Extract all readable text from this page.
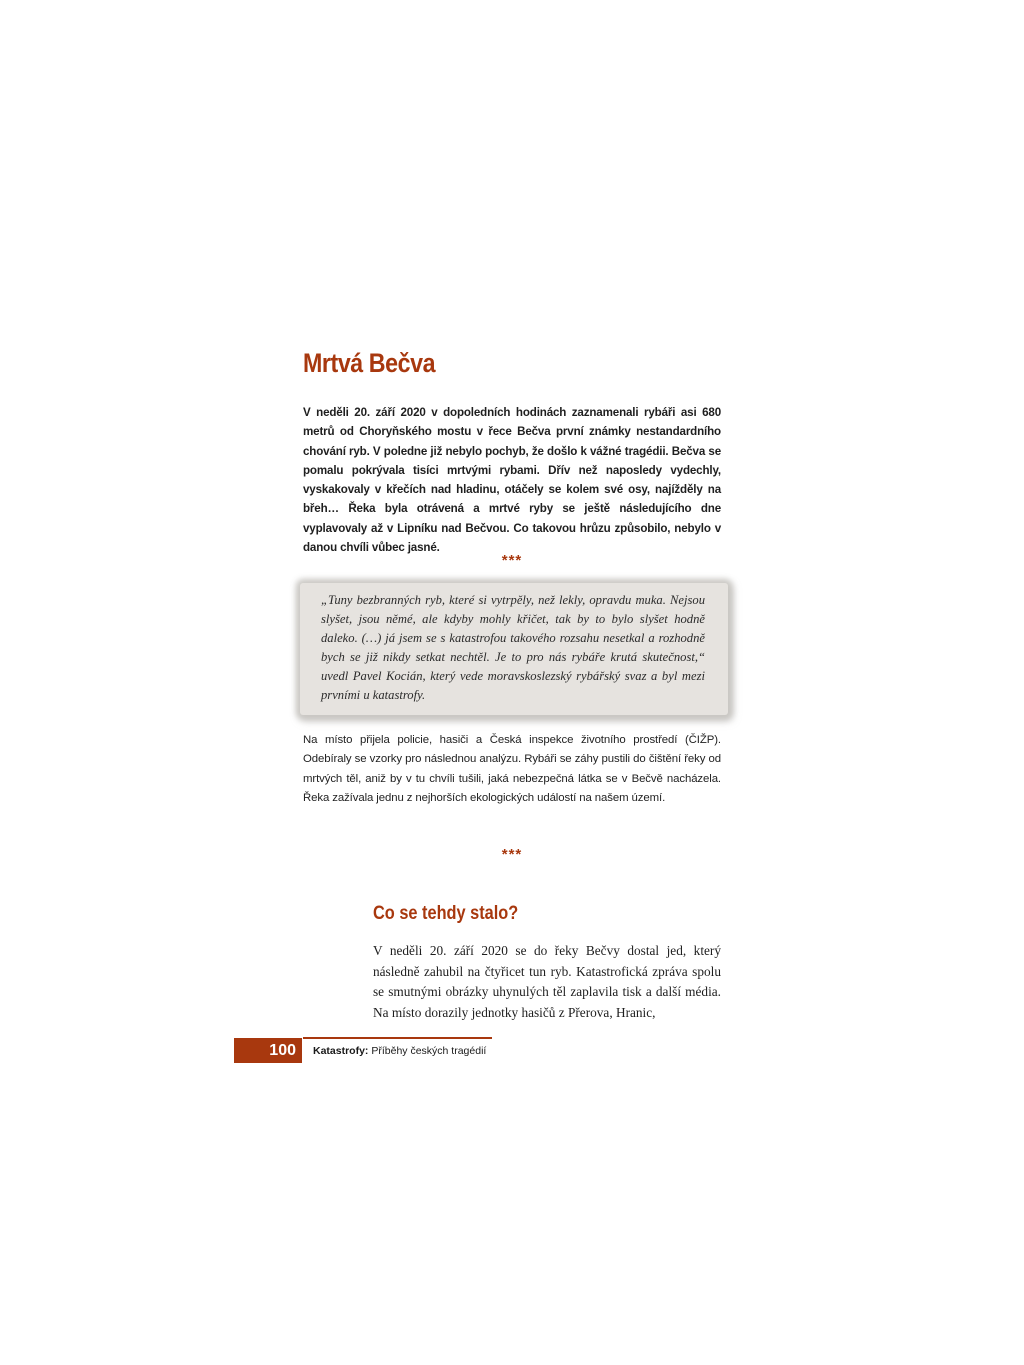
Mrtvá Bečva

V neděli 20. září 2020 v dopoledních hodinách zaznamenali rybáři asi 680 metrů od Choryňského mostu v řece Bečva první známky nestandardního chování ryb. V poledne již nebylo pochyb, že došlo k vážné tragédii. Bečva se pomalu pokrývala tisíci mrtvými rybami. Dřív než naposledy vydechly, vyskakovaly v křečích nad hladinu, otáčely se kolem své osy, najížděly na břeh… Řeka byla otrávená a mrtvé ryby se ještě následujícího dne vyplavovaly až v Lipníku nad Bečvou. Co takovou hrůzu způsobilo, nebylo v danou chvíli vůbec jasné.

***

„Tuny bezbranných ryb, které si vytrpěly, než lekly, opravdu muka. Nejsou slyšet, jsou němé, ale kdyby mohly křičet, tak by to bylo slyšet hodně daleko. (…) já jsem se s katastrofou takového rozsahu nesetkal a rozhodně bych se již nikdy setkat nechtěl. Je to pro nás rybáře krutá skutečnost,“ uvedl Pavel Kocián, který vede moravskoslezský rybářský svaz a byl mezi prvními u katastrofy.

Na místo přijela policie, hasiči a Česká inspekce životního prostředí (ČIŽP). Odebíraly se vzorky pro následnou analýzu. Rybáři se záhy pustili do čištění řeky od mrtvých těl, aniž by v tu chvíli tušili, jaká nebezpečná látka se v Bečvě nacházela. Řeka zažívala jednu z nejhorších ekologických událostí na našem území.

***
Co se tehdy stalo?

V neděli 20. září 2020 se do řeky Bečvy dostal jed, který následně zahubil na čtyřicet tun ryb. Katastrofická zpráva spolu se smutnými obrázky uhynulých těl zaplavila tisk a další média. Na místo dorazily jednotky hasičů z Přerova, Hranic,

100	Katastrofy: Příběhy českých tragédií
